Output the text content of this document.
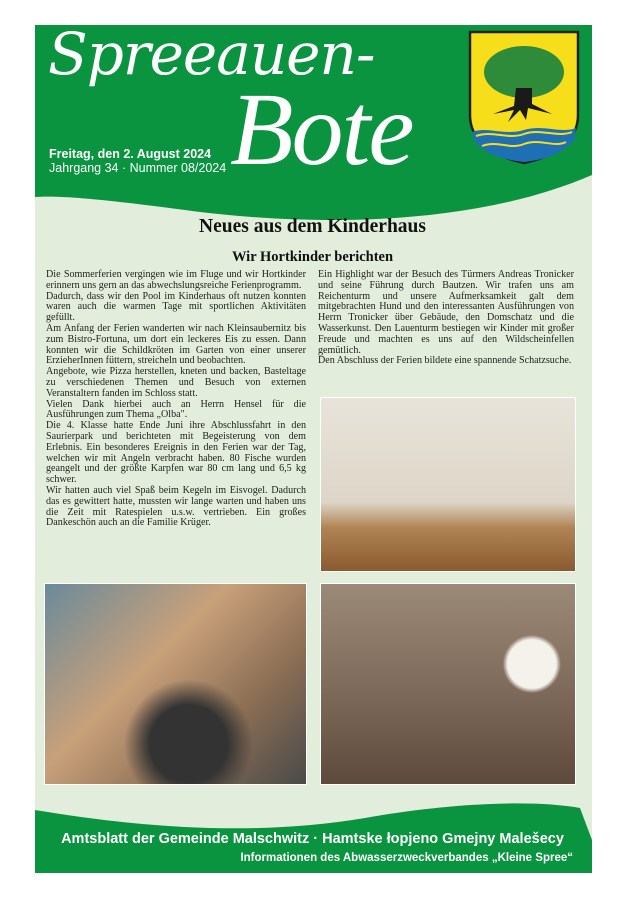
Spreeauen-
Bote
Freitag, den 2. August 2024
Jahrgang 34 · Nummer 08/2024
Neues aus dem Kinderhaus
Wir Hortkinder berichten

Die Sommerferien vergingen wie im Fluge und wir Hortkinder erinnern uns gern an das abwechslungsreiche Ferienprogramm.

Dadurch, dass wir den Pool im Kinderhaus oft nutzen konnten waren auch die warmen Tage mit sportlichen Aktivitäten gefüllt.

Am Anfang der Ferien wanderten wir nach Kleinsaubernitz bis zum Bistro-Fortuna, um dort ein leckeres Eis zu essen. Dann konnten wir die Schildkröten im Garten von einer unserer ErzieherInnen füttern, streicheln und beobachten.

Angebote, wie Pizza herstellen, kneten und backen, Basteltage zu verschiedenen Themen und Besuch von externen Veranstaltern fanden im Schloss statt.

Vielen Dank hierbei auch an Herrn Hensel für die Ausführungen zum Thema „Olba".

Die 4. Klasse hatte Ende Juni ihre Abschlussfahrt in den Saurierpark und berichteten mit Begeisterung von dem Erlebnis. Ein besonderes Ereignis in den Ferien war der Tag, welchen wir mit Angeln verbracht haben. 80 Fische wurden geangelt und der größte Karpfen war 80 cm lang und 6,5 kg schwer.

Wir hatten auch viel Spaß beim Kegeln im Eisvogel. Dadurch das es gewittert hatte, mussten wir lange warten und haben uns die Zeit mit Ratespielen u.s.w. vertrieben. Ein großes Dankeschön auch an die Familie Krüger.

Ein Highlight war der Besuch des Türmers Andreas Tronicker und seine Führung durch Bautzen. Wir trafen uns am Reichenturm und unsere Aufmerksamkeit galt dem mitgebrachten Hund und den interessanten Ausführungen von Herrn Tronicker über Gebäude, den Domschatz und die Wasserkunst. Den Lauenturm bestiegen wir Kinder mit großer Freude und machten es uns auf den Wildscheinfellen gemütlich.

Den Abschluss der Ferien bildete eine spannende Schatzsuche.

Amtsblatt der Gemeinde Malschwitz · Hamtske łopjeno Gmejny Malešecy
Informationen des Abwasserzweckverbandes „Kleine Spree“
